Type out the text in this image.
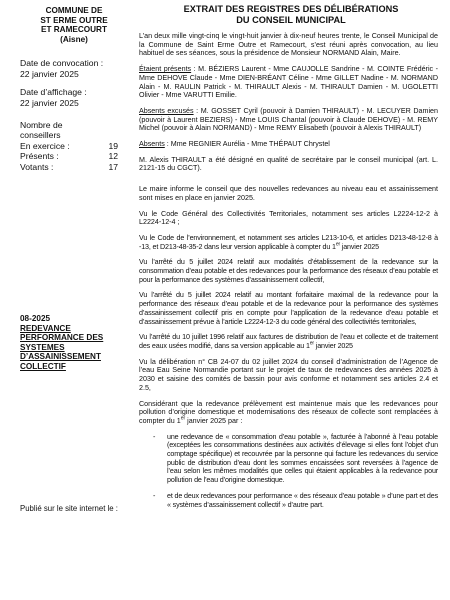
COMMUNE DE
ST ERME OUTRE
ET RAMECOURT
(Aisne)
Date de convocation :
22 janvier 2025
Date d’affichage :
22 janvier 2025
Nombre de
conseillers
En exercice :	19
Présents :	12
Votants :	17
08-2025
REDEVANCE PERFORMANCE DES SYSTEMES D’ASSAINISSEMENT COLLECTIF
Publié sur le site internet le :
EXTRAIT DES REGISTRES DES DÉLIBÉRATIONS
DU CONSEIL MUNICIPAL

L’an deux mille vingt-cinq le vingt-huit janvier à dix-neuf heures trente, le Conseil Municipal de la Commune de Saint Erme Outre et Ramecourt, s’est réuni après convocation, au lieu habituel de ses séances, sous la présidence de Monsieur NORMAND Alain, Maire.

Étaient présents : M. BÉZIERS Laurent - Mme CAUJOLLE Sandrine - M. COINTE Frédéric - Mme DEHOVE Claude - Mme DIEN-BRÉANT Céline - Mme GILLET Nadine - M. NORMAND Alain - M. RAULIN Patrick - M. THIRAULT Alexis - M. THIRAULT Damien - M. UGOLETTI Olivier - Mme VARUTTI Emilie.

Absents excusés : M. GOSSET Cyril (pouvoir à Damien THIRAULT) - M. LECUYER Damien (pouvoir à Laurent BEZIERS) - Mme LOUIS Chantal (pouvoir à Claude DEHOVE) - M. REMY Michel (pouvoir à Alain NORMAND) - Mme REMY Elisabeth (pouvoir à Alexis THIRAULT)

Absents : Mme REGNIER Aurélia - Mme THÉPAUT Chrystel

M. Alexis THIRAULT a été désigné en qualité de secrétaire par le conseil municipal (art. L. 2121-15 du CGCT).

Le maire informe le conseil que des nouvelles redevances au niveau eau et assainissement sont mises en place en janvier 2025.

Vu le Code Général des Collectivités Territoriales, notamment ses articles L2224-12-2 à L2224-12-4 ;

Vu le Code de l’environnement, et notamment ses articles L213-10-6, et articles D213-48-12-8 à -13, et D213-48-35-2 dans leur version applicable à compter du 1er janvier 2025

Vu l’arrêté du 5 juillet 2024 relatif aux modalités d’établissement de la redevance sur la consommation d’eau potable et des redevances pour la performance des réseaux d’eau potable et pour la performance des systèmes d’assainissement collectif,

Vu l’arrêté du 5 juillet 2024 relatif au montant forfaitaire maximal de la redevance pour la performance des réseaux d’eau potable et de la redevance pour la performance des systèmes d’assainissement collectif pris en compte pour l’application de la redevance d’eau potable et d’assainissement prévue à l’article L2224-12-3 du code général des collectivités territoriales,

Vu l’arrêté du 10 juillet 1996 relatif aux factures de distribution de l’eau et collecte et de traitement des eaux usées modifié, dans sa version applicable au 1er janvier 2025

Vu la délibération n° CB 24-07 du 02 juillet 2024 du conseil d’administration de l’Agence de l’eau Eau Seine Normandie portant sur le projet de taux de redevances des années 2025 à 2030 et saisine des comités de bassin pour avis conforme et notamment ses articles 2.4 et 2.5,

Considérant que la redevance prélèvement est maintenue mais que les redevances pour pollution d’origine domestique et modernisations des réseaux de collecte sont remplacées à compter du 1er janvier 2025 par :

- une redevance de « consommation d’eau potable », facturée à l’abonné à l’eau potable (exceptées les consommations destinées aux activités d’élevage si elles font l’objet d’un comptage spécifique) et recouvrée par la personne qui facture les redevances du service public de distribution d’eau dont les sommes encaissées sont reversées à l’agence de l’eau selon les mêmes modalités que celles qui étaient applicables à la redevance pour pollution de l’eau d’origine domestique.
- et de deux redevances pour performance « des réseaux d’eau potable » d’une part et des « systèmes d’assainissement collectif » d’autre part.
